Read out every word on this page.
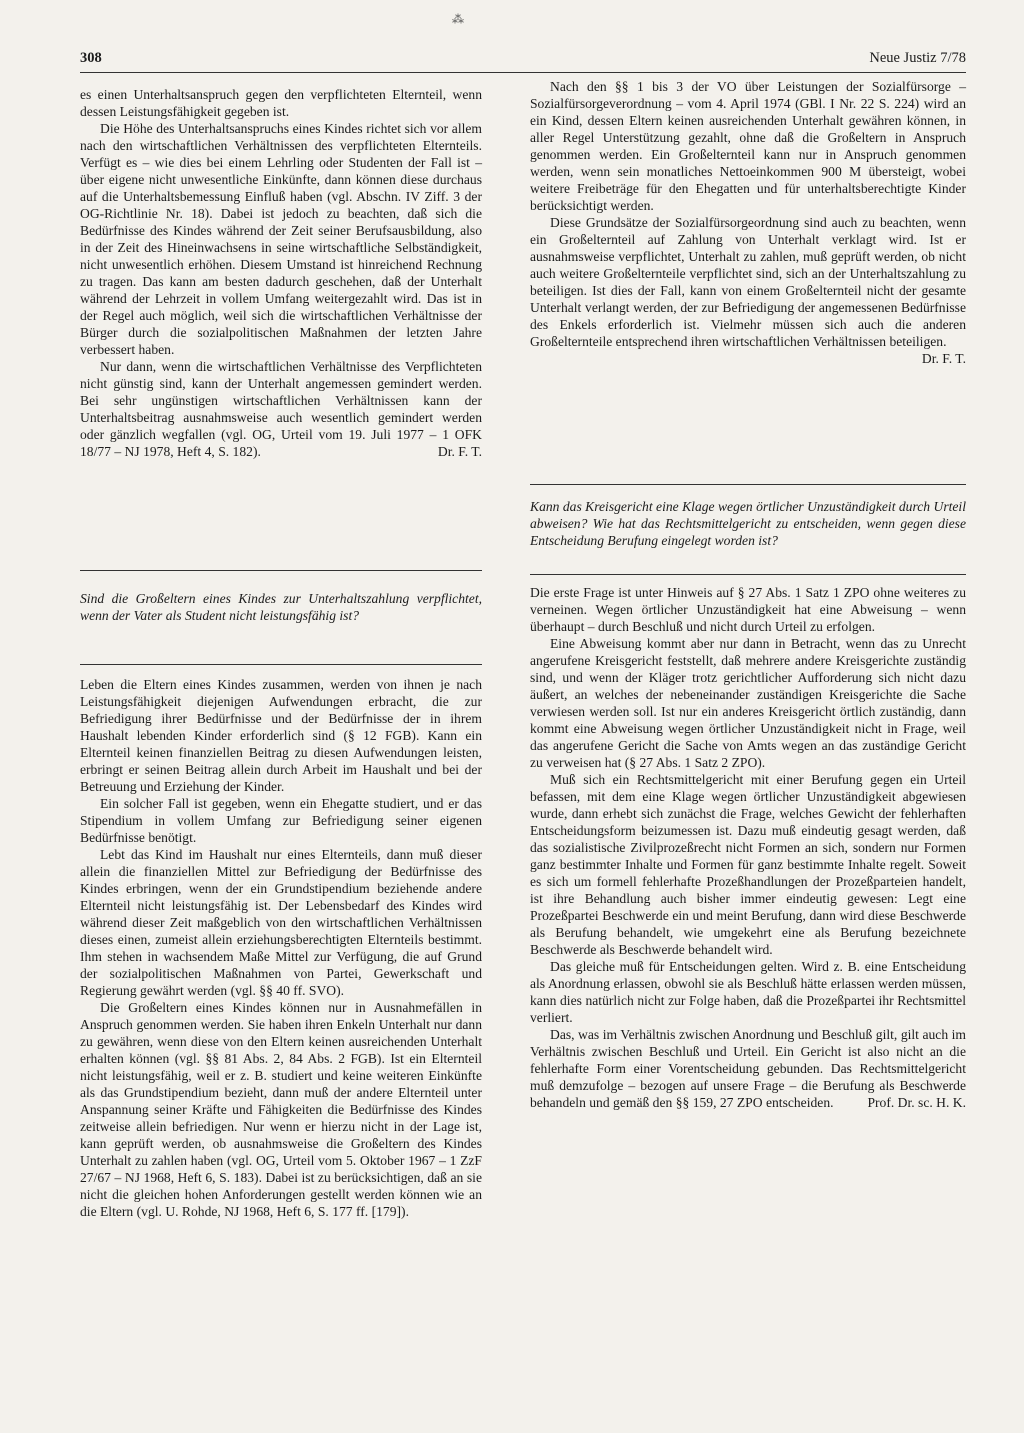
⁂
308	Neue Justiz 7/78

es einen Unterhaltsanspruch gegen den verpflichteten Elternteil, wenn dessen Leistungsfähigkeit gegeben ist.

Die Höhe des Unterhaltsanspruchs eines Kindes richtet sich vor allem nach den wirtschaftlichen Verhältnissen des verpflichteten Elternteils. Verfügt es – wie dies bei einem Lehrling oder Studenten der Fall ist – über eigene nicht unwesentliche Einkünfte, dann können diese durchaus auf die Unterhaltsbemessung Einfluß haben (vgl. Abschn. IV Ziff. 3 der OG-Richtlinie Nr. 18). Dabei ist jedoch zu beachten, daß sich die Bedürfnisse des Kindes während der Zeit seiner Berufsausbildung, also in der Zeit des Hineinwachsens in seine wirtschaftliche Selbständigkeit, nicht unwesentlich erhöhen. Diesem Umstand ist hinreichend Rechnung zu tragen. Das kann am besten dadurch geschehen, daß der Unterhalt während der Lehrzeit in vollem Umfang weitergezahlt wird. Das ist in der Regel auch möglich, weil sich die wirtschaftlichen Verhältnisse der Bürger durch die sozialpolitischen Maßnahmen der letzten Jahre verbessert haben.

Nur dann, wenn die wirtschaftlichen Verhältnisse des Verpflichteten nicht günstig sind, kann der Unterhalt angemessen gemindert werden. Bei sehr ungünstigen wirtschaftlichen Verhältnissen kann der Unterhaltsbeitrag ausnahmsweise auch wesentlich gemindert werden oder gänzlich wegfallen (vgl. OG, Urteil vom 19. Juli 1977 – 1 OFK 18/77 – NJ 1978, Heft 4, S. 182).	Dr. F. T.

Sind die Großeltern eines Kindes zur Unterhaltszahlung verpflichtet, wenn der Vater als Student nicht leistungsfähig ist?

Leben die Eltern eines Kindes zusammen, werden von ihnen je nach Leistungsfähigkeit diejenigen Aufwendungen erbracht, die zur Befriedigung ihrer Bedürfnisse und der Bedürfnisse der in ihrem Haushalt lebenden Kinder erforderlich sind (§ 12 FGB). Kann ein Elternteil keinen finanziellen Beitrag zu diesen Aufwendungen leisten, erbringt er seinen Beitrag allein durch Arbeit im Haushalt und bei der Betreuung und Erziehung der Kinder.

Ein solcher Fall ist gegeben, wenn ein Ehegatte studiert, und er das Stipendium in vollem Umfang zur Befriedigung seiner eigenen Bedürfnisse benötigt.

Lebt das Kind im Haushalt nur eines Elternteils, dann muß dieser allein die finanziellen Mittel zur Befriedigung der Bedürfnisse des Kindes erbringen, wenn der ein Grundstipendium beziehende andere Elternteil nicht leistungsfähig ist. Der Lebensbedarf des Kindes wird während dieser Zeit maßgeblich von den wirtschaftlichen Verhältnissen dieses einen, zumeist allein erziehungsberechtigten Elternteils bestimmt. Ihm stehen in wachsendem Maße Mittel zur Verfügung, die auf Grund der sozialpolitischen Maßnahmen von Partei, Gewerkschaft und Regierung gewährt werden (vgl. §§ 40 ff. SVO).

Die Großeltern eines Kindes können nur in Ausnahmefällen in Anspruch genommen werden. Sie haben ihren Enkeln Unterhalt nur dann zu gewähren, wenn diese von den Eltern keinen ausreichenden Unterhalt erhalten können (vgl. §§ 81 Abs. 2, 84 Abs. 2 FGB). Ist ein Elternteil nicht leistungsfähig, weil er z. B. studiert und keine weiteren Einkünfte als das Grundstipendium bezieht, dann muß der andere Elternteil unter Anspannung seiner Kräfte und Fähigkeiten die Bedürfnisse des Kindes zeitweise allein befriedigen. Nur wenn er hierzu nicht in der Lage ist, kann geprüft werden, ob ausnahmsweise die Großeltern des Kindes Unterhalt zu zahlen haben (vgl. OG, Urteil vom 5. Oktober 1967 – 1 ZzF 27/67 – NJ 1968, Heft 6, S. 183). Dabei ist zu berücksichtigen, daß an sie nicht die gleichen hohen Anforderungen gestellt werden können wie an die Eltern (vgl. U. Rohde, NJ 1968, Heft 6, S. 177 ff. [179]).

Nach den §§ 1 bis 3 der VO über Leistungen der Sozialfürsorge – Sozialfürsorgeverordnung – vom 4. April 1974 (GBl. I Nr. 22 S. 224) wird an ein Kind, dessen Eltern keinen ausreichenden Unterhalt gewähren können, in aller Regel Unterstützung gezahlt, ohne daß die Großeltern in Anspruch genommen werden. Ein Großelternteil kann nur in Anspruch genommen werden, wenn sein monatliches Nettoeinkommen 900 M übersteigt, wobei weitere Freibeträge für den Ehegatten und für unterhaltsberechtigte Kinder berücksichtigt werden.

Diese Grundsätze der Sozialfürsorgeordnung sind auch zu beachten, wenn ein Großelternteil auf Zahlung von Unterhalt verklagt wird. Ist er ausnahmsweise verpflichtet, Unterhalt zu zahlen, muß geprüft werden, ob nicht auch weitere Großelternteile verpflichtet sind, sich an der Unterhaltszahlung zu beteiligen. Ist dies der Fall, kann von einem Großelternteil nicht der gesamte Unterhalt verlangt werden, der zur Befriedigung der angemessenen Bedürfnisse des Enkels erforderlich ist. Vielmehr müssen sich auch die anderen Großelternteile entsprechend ihren wirtschaftlichen Verhältnissen beteiligen.
Dr. F. T.

Kann das Kreisgericht eine Klage wegen örtlicher Unzuständigkeit durch Urteil abweisen? Wie hat das Rechtsmittelgericht zu entscheiden, wenn gegen diese Entscheidung Berufung eingelegt worden ist?

Die erste Frage ist unter Hinweis auf § 27 Abs. 1 Satz 1 ZPO ohne weiteres zu verneinen. Wegen örtlicher Unzuständigkeit hat eine Abweisung – wenn überhaupt – durch Beschluß und nicht durch Urteil zu erfolgen.

Eine Abweisung kommt aber nur dann in Betracht, wenn das zu Unrecht angerufene Kreisgericht feststellt, daß mehrere andere Kreisgerichte zuständig sind, und wenn der Kläger trotz gerichtlicher Aufforderung sich nicht dazu äußert, an welches der nebeneinander zuständigen Kreisgerichte die Sache verwiesen werden soll. Ist nur ein anderes Kreisgericht örtlich zuständig, dann kommt eine Abweisung wegen örtlicher Unzuständigkeit nicht in Frage, weil das angerufene Gericht die Sache von Amts wegen an das zuständige Gericht zu verweisen hat (§ 27 Abs. 1 Satz 2 ZPO).

Muß sich ein Rechtsmittelgericht mit einer Berufung gegen ein Urteil befassen, mit dem eine Klage wegen örtlicher Unzuständigkeit abgewiesen wurde, dann erhebt sich zunächst die Frage, welches Gewicht der fehlerhaften Entscheidungsform beizumessen ist. Dazu muß eindeutig gesagt werden, daß das sozialistische Zivilprozeßrecht nicht Formen an sich, sondern nur Formen ganz bestimmter Inhalte und Formen für ganz bestimmte Inhalte regelt. Soweit es sich um formell fehlerhafte Prozeßhandlungen der Prozeßparteien handelt, ist ihre Behandlung auch bisher immer eindeutig gewesen: Legt eine Prozeßpartei Beschwerde ein und meint Berufung, dann wird diese Beschwerde als Berufung behandelt, wie umgekehrt eine als Berufung bezeichnete Beschwerde als Beschwerde behandelt wird.

Das gleiche muß für Entscheidungen gelten. Wird z. B. eine Entscheidung als Anordnung erlassen, obwohl sie als Beschluß hätte erlassen werden müssen, kann dies natürlich nicht zur Folge haben, daß die Prozeßpartei ihr Rechtsmittel verliert.

Das, was im Verhältnis zwischen Anordnung und Beschluß gilt, gilt auch im Verhältnis zwischen Beschluß und Urteil. Ein Gericht ist also nicht an die fehlerhafte Form einer Vorentscheidung gebunden. Das Rechtsmittelgericht muß demzufolge – bezogen auf unsere Frage – die Berufung als Beschwerde behandeln und gemäß den §§ 159, 27 ZPO entscheiden.	Prof. Dr. sc. H. K.
